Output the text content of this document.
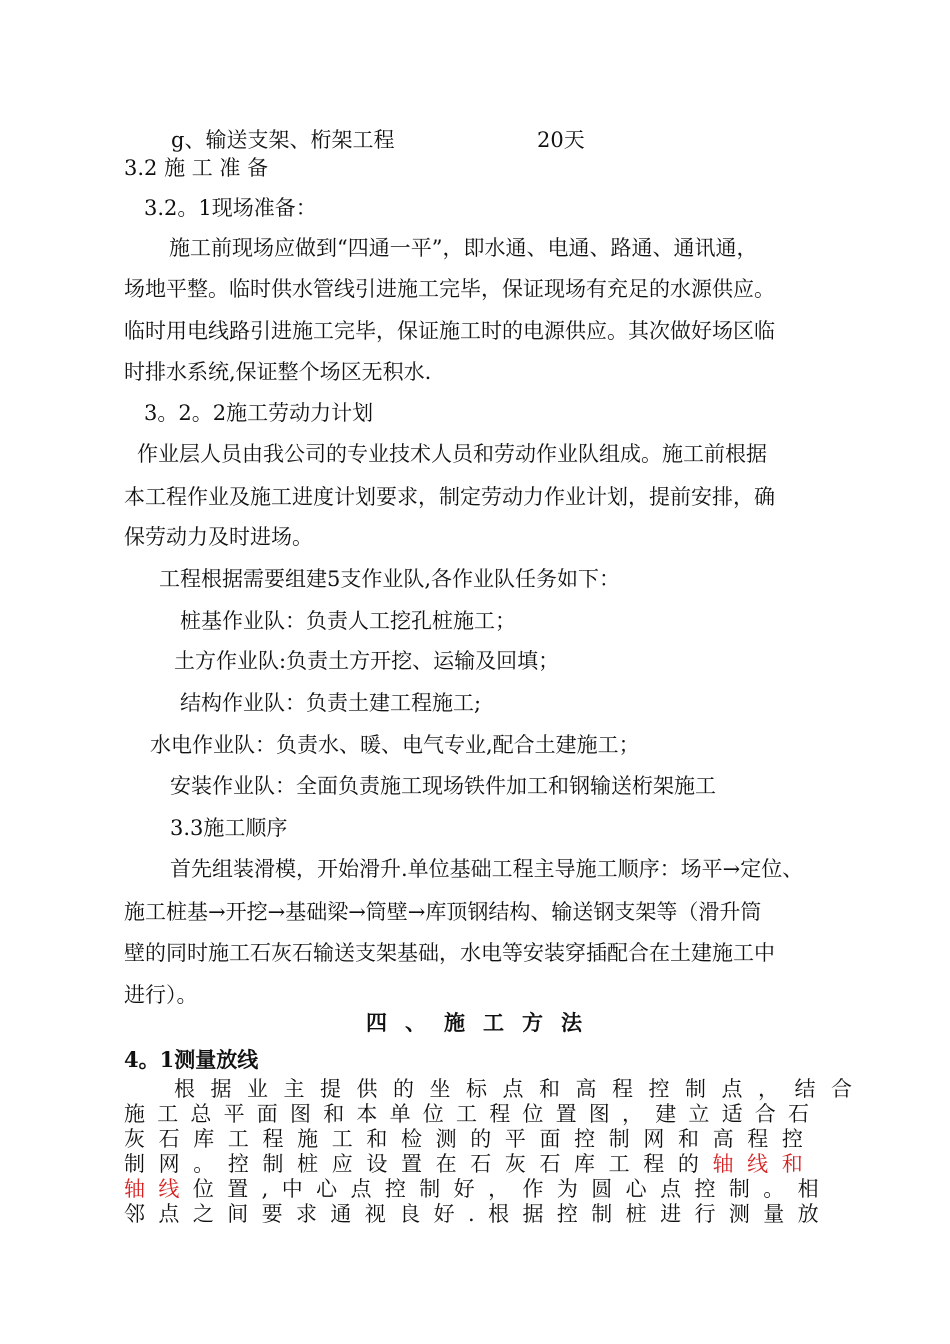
g、输送支架、桁架工程	20天
3.2 施 工 准 备
3.2。1现场准备：
施工前现场应做到“四通一平”，即水通、电通、路通、通讯通，
场地平整。临时供水管线引进施工完毕，保证现场有充足的水源供应。
临时用电线路引进施工完毕，保证施工时的电源供应。其次做好场区临
时排水系统,保证整个场区无积水.
3。2。2施工劳动力计划
作业层人员由我公司的专业技术人员和劳动作业队组成。施工前根据
本工程作业及施工进度计划要求，制定劳动力作业计划，提前安排，确
保劳动力及时进场。
工程根据需要组建5支作业队,各作业队任务如下：
桩基作业队：负责人工挖孔桩施工；
土方作业队:负责土方开挖、运输及回填；
结构作业队：负责土建工程施工;
水电作业队：负责水、暖、电气专业,配合土建施工；
安装作业队：全面负责施工现场铁件加工和钢输送桁架施工
3.3施工顺序
首先组装滑模，开始滑升.单位基础工程主导施工顺序：场平→定位、
施工桩基→开挖→基础梁→筒壁→库顶钢结构、输送钢支架等（滑升筒
壁的同时施工石灰石输送支架基础，水电等安装穿插配合在土建施工中
进行）。
四、施工方法
4。1测量放线
根据业主提供的坐标点和高程控制点，结合
施工总平面图和本单位工程位置图，建立适合石
灰石库工程施工和检测的平面控制网和高程控
制网。控制桩应设置在石灰石库工程的轴线和
轴线位置,中心点控制好，作为圆心点控制。相
邻点之间要求通视良好.根据控制桩进行测量放
